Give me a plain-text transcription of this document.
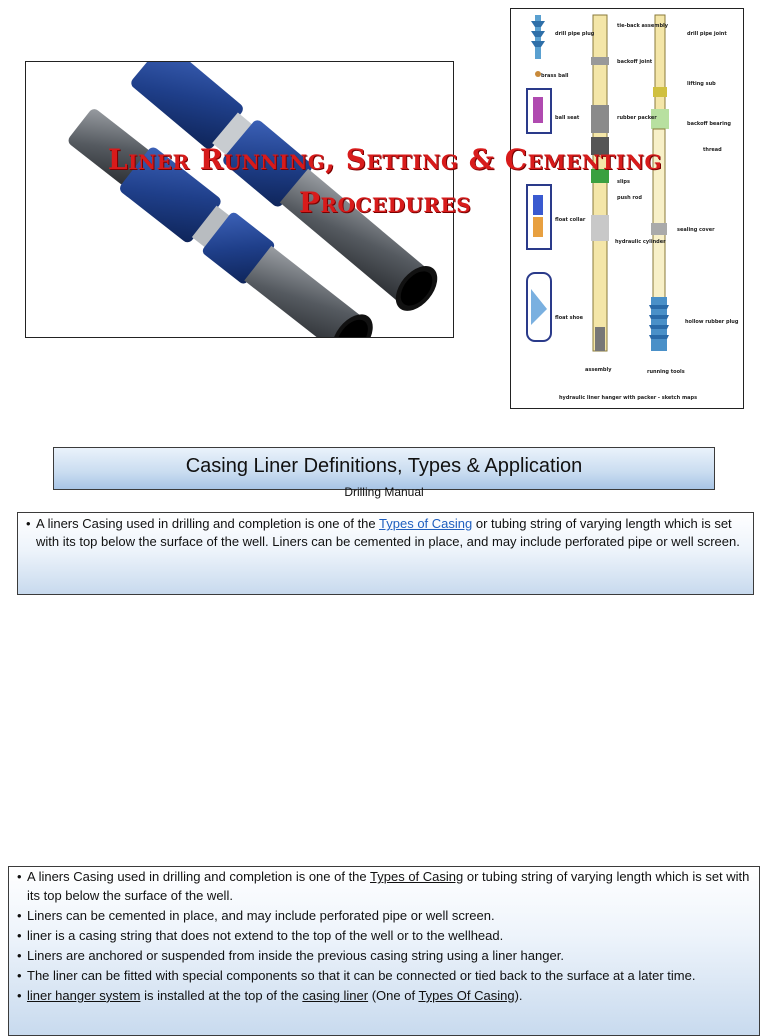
drill pipe plug
tie-back assembly
drill pipe joint
backoff joint
brass ball
lifting sub
ball seat	rubber packer
backoff bearing
thread
slips
push rod
float collar
hydraulic cylinder
sealing cover
float shoe
hollow rubber plug
assembly	running tools
hydraulic liner hanger with packer - sketch maps
Liner Running, Setting & Cementing
Procedures
Casing Liner Definitions, Types & Application
Drilling Manual
• A liners Casing used in drilling and completion is one of the Types of Casing or tubing string of varying length which is set with its top below the surface of the well. Liners can be cemented in place, and may include perforated pipe or well screen.
• A liners Casing used in drilling and completion is one of the Types of Casing or tubing string of varying length which is set with its top below the surface of the well.
• Liners can be cemented in place, and may include perforated pipe or well screen.
• liner is a casing string that does not extend to the top of the well or to the wellhead.
• Liners are anchored or suspended from inside the previous casing string using a liner hanger.
• The liner can be fitted with special components so that it can be connected or tied back to the surface at a later time.
• liner hanger system is installed at the top of the casing liner (One of Types Of Casing).
